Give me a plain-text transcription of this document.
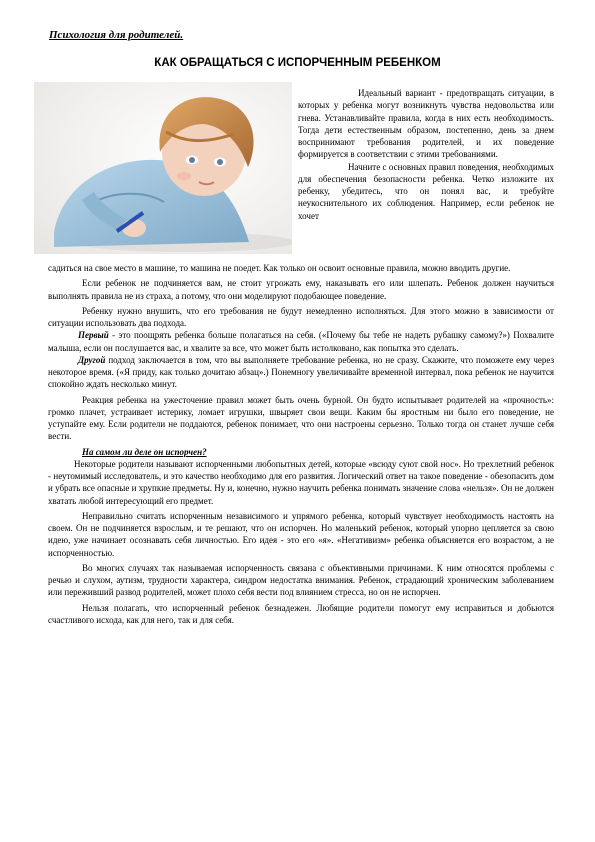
Психология для родителей.
КАК ОБРАЩАТЬСЯ С ИСПОРЧЕННЫМ РЕБЕНКОМ

Идеальный вариант - предотвращать ситуации, в которых у ребенка могут возникнуть чувства недовольства или гнева. Устанавливайте правила, когда в них есть необходимость. Тогда дети естественным образом, постепенно, день за днем воспринимают требования родителей, и их поведение формируется в соответствии с этими требованиями.

Начните с основных правил поведения, необходимых для обеспечения безопасности ребенка. Четко изложите их ребенку, убедитесь, что он понял вас, и требуйте неукоснительного их соблюдения. Например, если ребенок не хочет

садиться на свое место в машине, то машина не поедет. Как только он освоит основные правила, можно вводить другие.

Если ребенок не подчиняется вам, не стоит угрожать ему, наказывать его или шлепать. Ребенок должен научиться выполнять правила не из страха, а потому, что они моделируют подобающее поведение.

Ребенку нужно внушить, что его требования не будут немедленно исполняться. Для этого можно в зависимости от ситуации использовать два подхода.

Первый - это поощрять ребенка больше полагаться на себя. («Почему бы тебе не надеть рубашку самому?») Похвалите малыша, если он послушается вас, и хвалите за все, что может быть истолковано, как попытка это сделать.

Другой подход заключается в том, что вы выполняете требование ребенка, но не сразу. Скажите, что поможете ему через некоторое время. («Я приду, как только дочитаю абзац».) Понемногу увеличивайте временной интервал, пока ребенок не научится спокойно ждать несколько минут.

Реакция ребенка на ужесточение правил может быть очень бурной. Он будто испытывает родителей на «прочность»: громко плачет, устраивает истерику, ломает игрушки, швыряет свои вещи. Каким бы яростным ни было его поведение, не уступайте ему. Если родители не поддаются, ребенок понимает, что они настроены серьезно. Только тогда он станет лучше себя вести.

На самом ли деле он испорчен?

Некоторые родители называют испорченными любопытных детей, которые «всюду суют свой нос». Но трехлетний ребенок - неутомимый исследователь, и это качество необходимо для его развития. Логический ответ на такое поведение - обезопасить дом и убрать все опасные и хрупкие предметы. Ну и, конечно, нужно научить ребенка понимать значение слова «нельзя». Он не должен хватать любой интересующий его предмет.

Неправильно считать испорченным независимого и упрямого ребенка, который чувствует необходимость настоять на своем. Он не подчиняется взрослым, и те решают, что он испорчен. Но маленький ребенок, который упорно цепляется за свою идею, уже начинает осознавать себя личностью. Его идея - это его «я». «Негативизм» ребенка объясняется его возрастом, а не испорченностью.

Во многих случаях так называемая испорченность связана с объективными причинами. К ним относятся проблемы с речью и слухом, аутизм, трудности характера, синдром недостатка внимания. Ребенок, страдающий хроническим заболеванием или переживший развод родителей, может плохо себя вести под влиянием стресса, но он не испорчен.

Нельзя полагать, что испорченный ребенок безнадежен. Любящие родители помогут ему исправиться и добьются счастливого исхода, как для него, так и для себя.
